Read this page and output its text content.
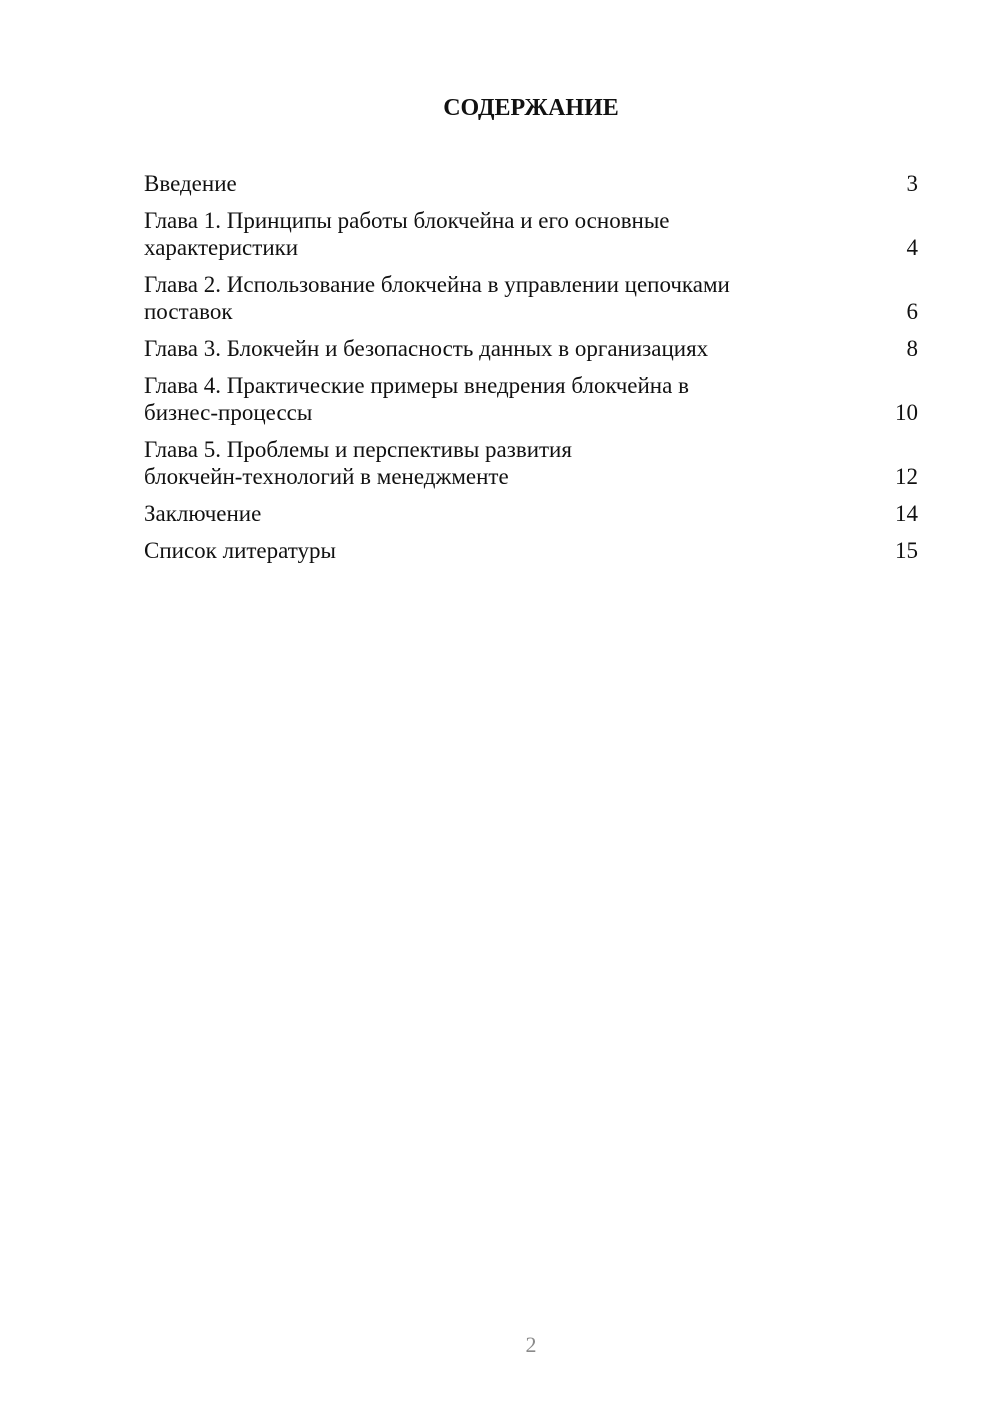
СОДЕРЖАНИЕ
Введение	3
Глава 1. Принципы работы блокчейна и его основные
характеристики	4
Глава 2. Использование блокчейна в управлении цепочками
поставок	6
Глава 3. Блокчейн и безопасность данных в организациях	8
Глава 4. Практические примеры внедрения блокчейна в
бизнес-процессы	10
Глава 5. Проблемы и перспективы развития
блокчейн-технологий в менеджменте	12
Заключение	14
Список литературы	15
2
